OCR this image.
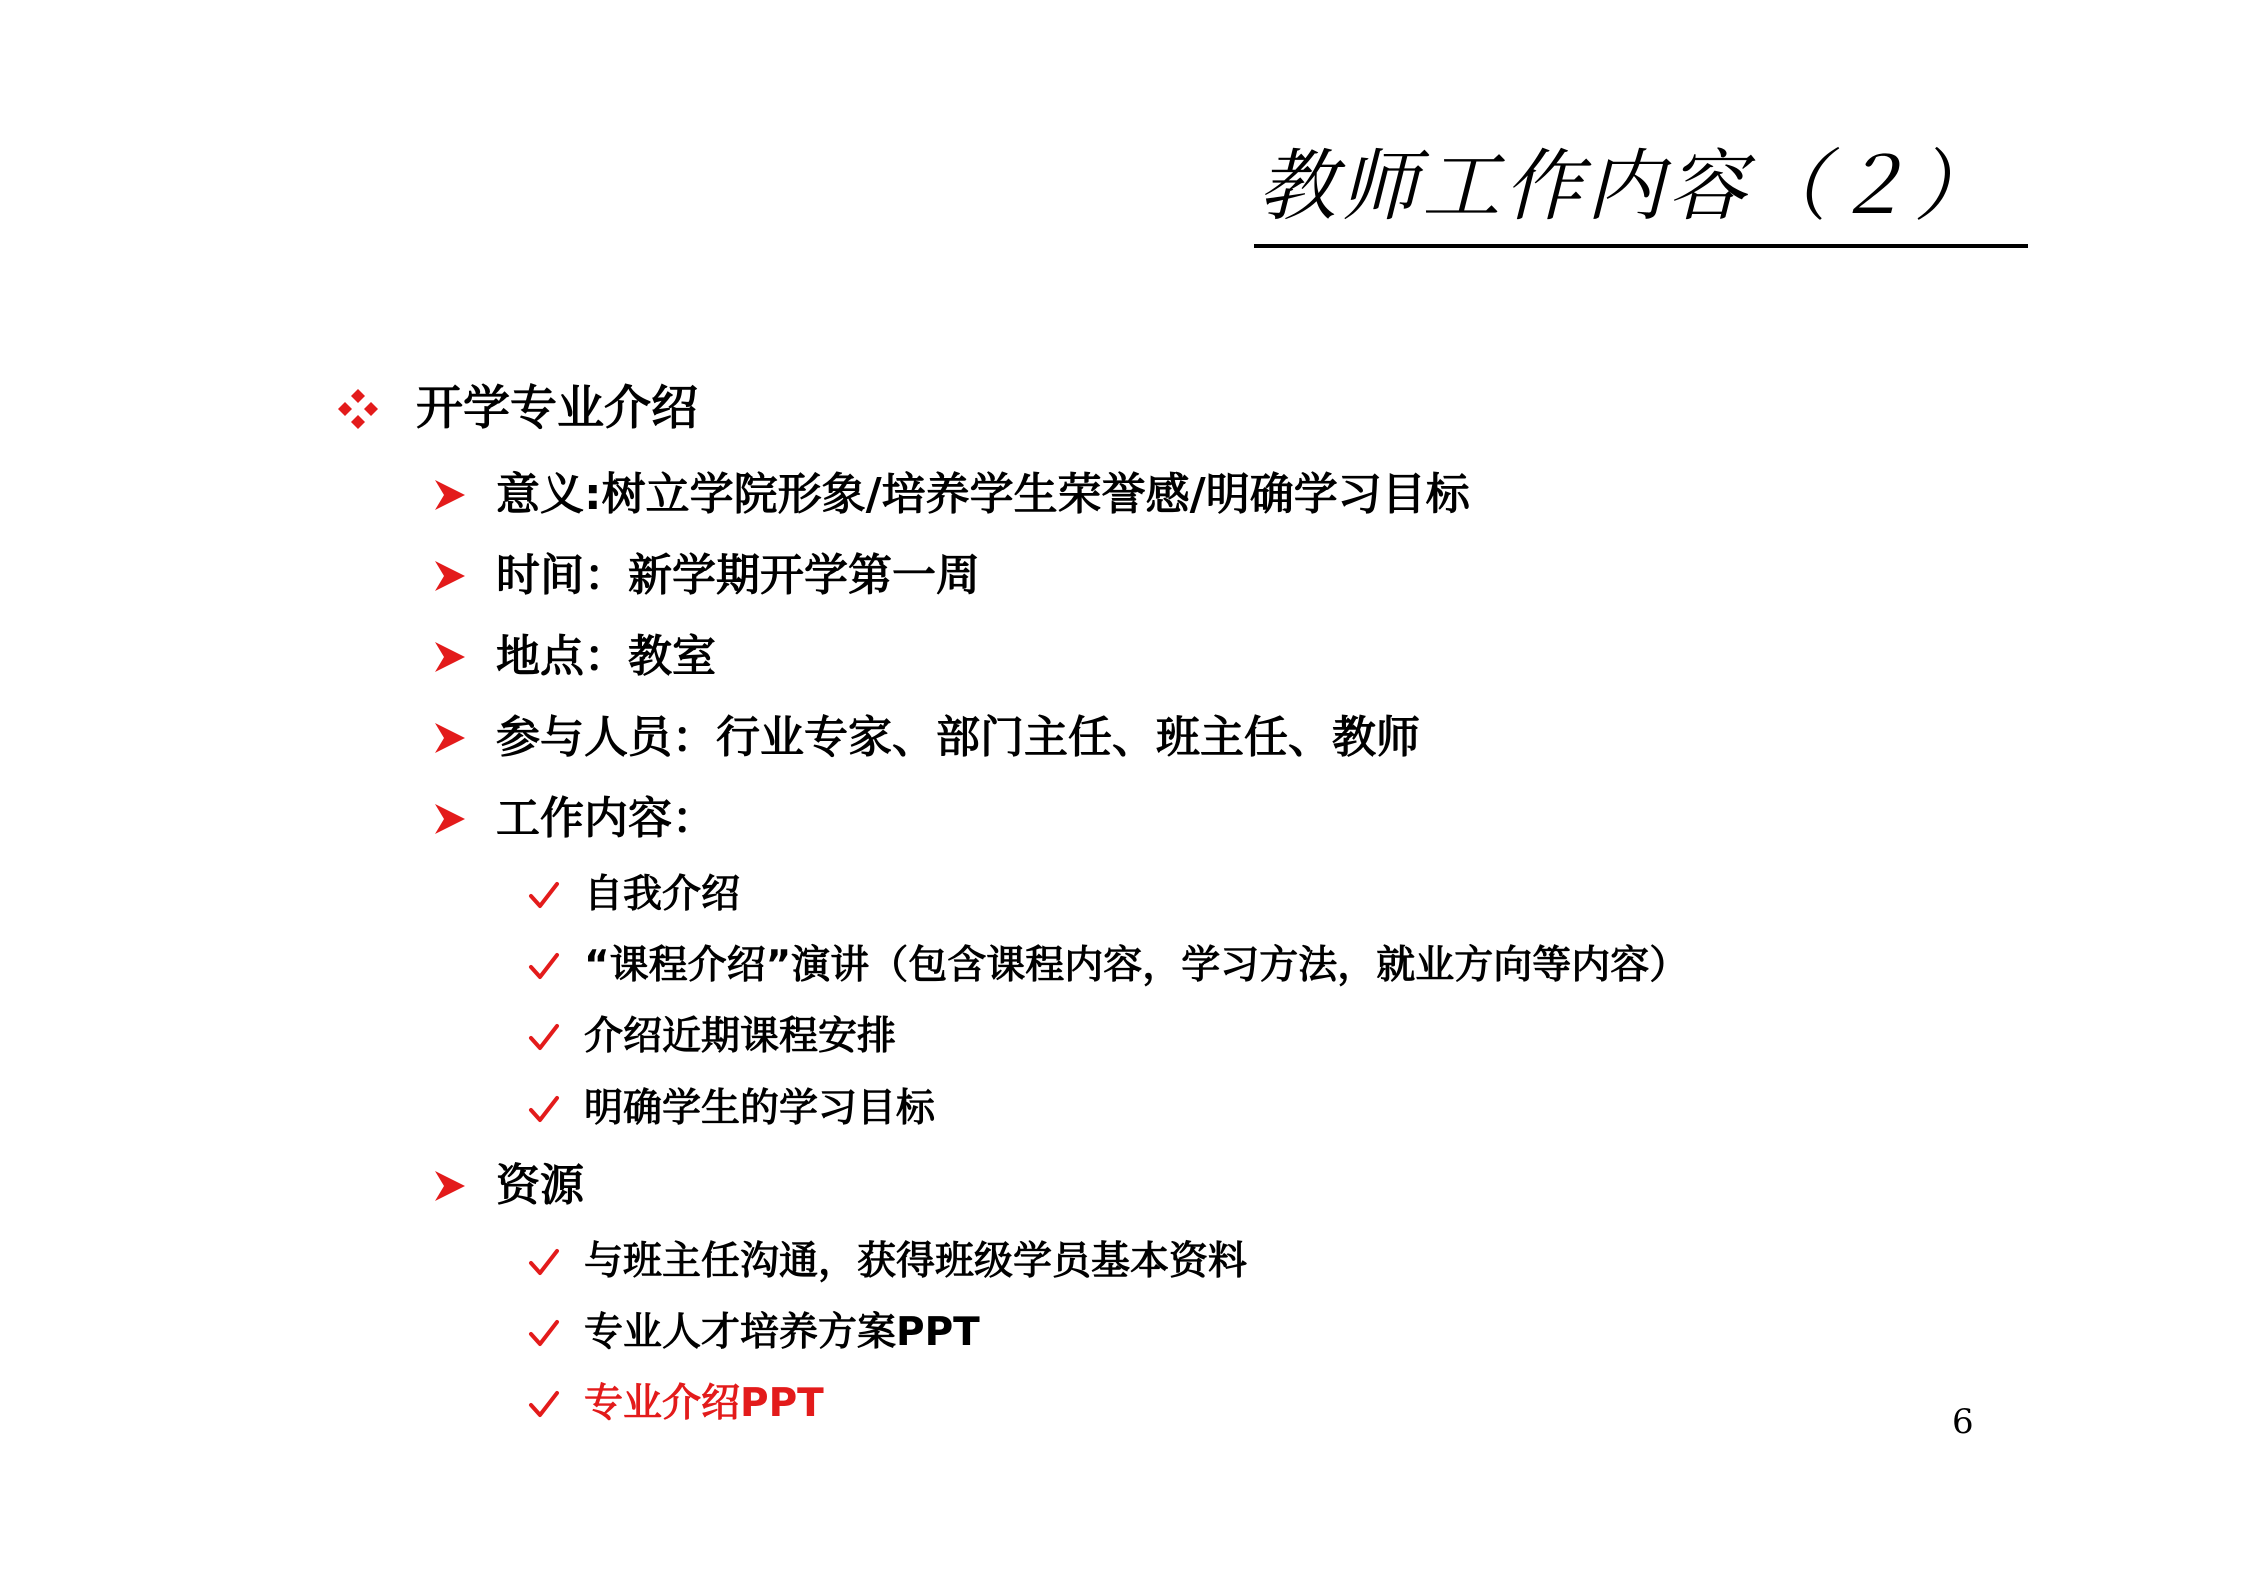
教师工作内容（２）
开学专业介绍
意义:树立学院形象/培养学生荣誉感/明确学习目标
时间：新学期开学第一周
地点：教室
参与人员：行业专家、部门主任、班主任、教师
工作内容：
自我介绍
“课程介绍”演讲（包含课程内容，学习方法，就业方向等内容）
介绍近期课程安排
明确学生的学习目标
资源
与班主任沟通，获得班级学员基本资料
专业人才培养方案PPT
专业介绍PPT	6
